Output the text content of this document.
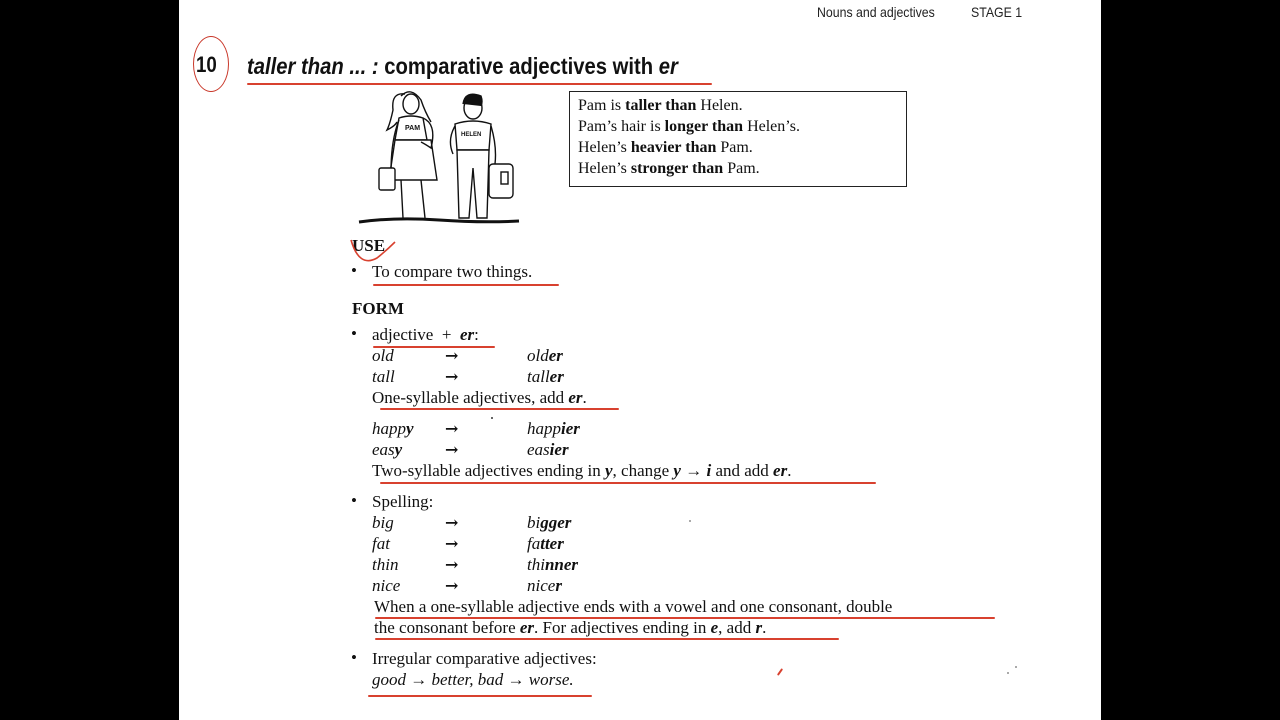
Nouns and adjectives	STAGE 1
10 taller than ... : comparative adjectives with er
PAM
HELEN
Pam is taller than Helen.
Pam’s hair is longer than Helen’s.
Helen’s heavier than Pam.
Helen’s stronger than Pam.
USE
• To compare two things.
FORM
• adjective  +  er:
old	→	older
tall	→	taller
One-syllable adjectives, add er.
happy →	happier
easy	→	easier
Two-syllable adjectives ending in y, change y → i and add er.
• Spelling:
big	→	bigger
fat	→	fatter
thin	→	thinner
nice	→	nicer
When a one-syllable adjective ends with a vowel and one consonant, double
the consonant before er. For adjectives ending in e, add r.
• Irregular comparative adjectives:
good → better, bad → worse.
